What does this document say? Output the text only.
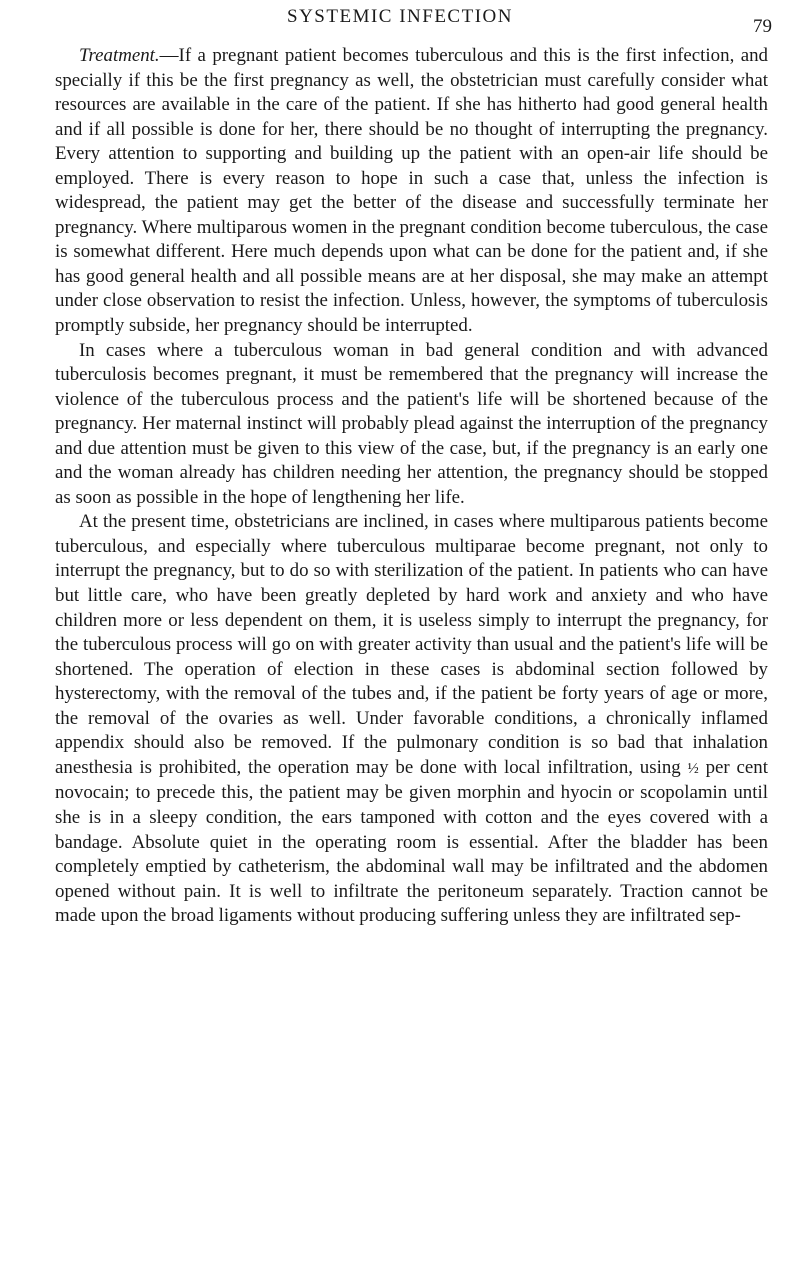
SYSTEMIC INFECTION	79

Treatment.—If a pregnant patient becomes tuberculous and this is the first infection, and specially if this be the first pregnancy as well, the obstetrician must carefully consider what resources are available in the care of the patient. If she has hitherto had good general health and if all possible is done for her, there should be no thought of interrupting the pregnancy. Every attention to supporting and building up the patient with an open-air life should be employed. There is every reason to hope in such a case that, unless the infection is widespread, the patient may get the better of the disease and successfully terminate her pregnancy. Where multiparous women in the pregnant condition become tuberculous, the case is somewhat different. Here much depends upon what can be done for the patient and, if she has good general health and all possible means are at her disposal, she may make an attempt under close observation to resist the infection. Unless, however, the symptoms of tuberculosis promptly subside, her pregnancy should be interrupted.

In cases where a tuberculous woman in bad general condition and with advanced tuberculosis becomes pregnant, it must be remembered that the pregnancy will increase the violence of the tuberculous process and the patient's life will be shortened because of the pregnancy. Her maternal instinct will probably plead against the interruption of the pregnancy and due attention must be given to this view of the case, but, if the pregnancy is an early one and the woman already has children needing her attention, the pregnancy should be stopped as soon as possible in the hope of lengthening her life.

At the present time, obstetricians are inclined, in cases where multiparous patients become tuberculous, and especially where tuberculous multiparae become pregnant, not only to interrupt the pregnancy, but to do so with sterilization of the patient. In patients who can have but little care, who have been greatly depleted by hard work and anxiety and who have children more or less dependent on them, it is useless simply to interrupt the pregnancy, for the tuberculous process will go on with greater activity than usual and the patient's life will be shortened. The operation of election in these cases is abdominal section followed by hysterectomy, with the removal of the tubes and, if the patient be forty years of age or more, the removal of the ovaries as well. Under favorable conditions, a chronically inflamed appendix should also be removed. If the pulmonary condition is so bad that inhalation anesthesia is prohibited, the operation may be done with local infiltration, using ½ per cent novocain; to precede this, the patient may be given morphin and hyocin or scopolamin until she is in a sleepy condition, the ears tamponed with cotton and the eyes covered with a bandage. Absolute quiet in the operating room is essential. After the bladder has been completely emptied by catheterism, the abdominal wall may be infiltrated and the abdomen opened without pain. It is well to infiltrate the peritoneum separately. Traction cannot be made upon the broad ligaments without producing suffering unless they are infiltrated sep-
